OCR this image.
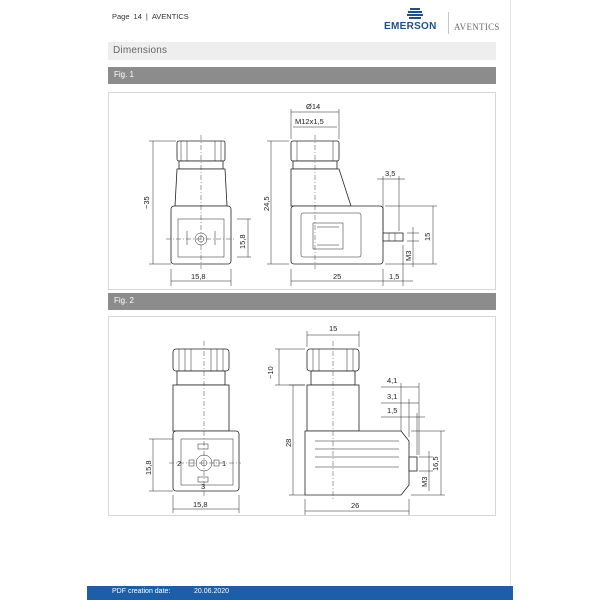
Page 14 | AVENTICS
EMERSON AVENTICS
Dimensions
Fig. 1
~35
15,8
15,8
Ø14
M12x1,5
24,5
3,5
25	1,5
M3
15
Fig. 2
2	1
3
15,8
15,8
15
~10
4,1
3,1
1,5
28
26
M3
16,5
PDF creation date:	20.06.2020
